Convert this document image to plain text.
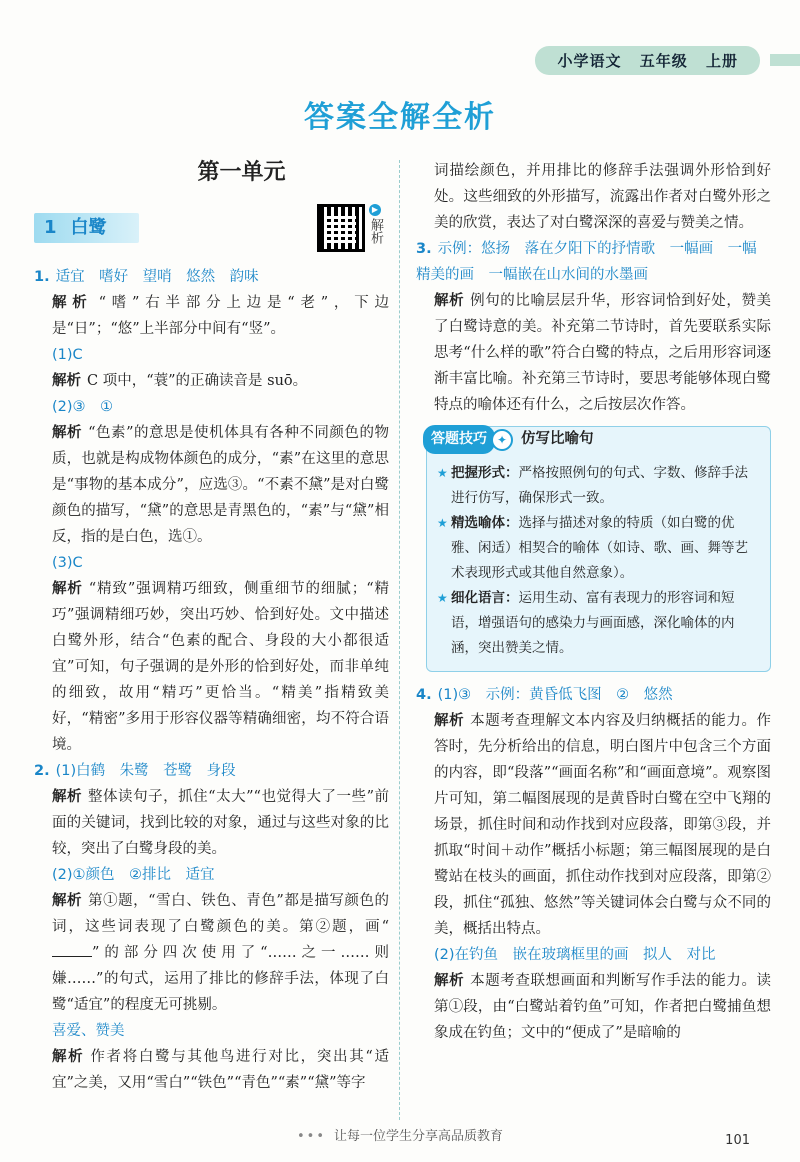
小学语文 五年级 上册
答案全解全析
第一单元
1 白鹭
▶
解析
1. 适宜　嗜好　望哨　悠然　韵味
解析 “嗜”右半部分上边是“老”，下边是“日”；“悠”上半部分中间有“竖”。
(1)C
解析 C 项中，“蓑”的正确读音是 suō。
(2)③　①
解析 “色素”的意思是使机体具有各种不同颜色的物质，也就是构成物体颜色的成分，“素”在这里的意思是“事物的基本成分”，应选③。“不素不黛”是对白鹭颜色的描写，“黛”的意思是青黑色的，“素”与“黛”相反，指的是白色，选①。
(3)C
解析 “精致”强调精巧细致，侧重细节的细腻；“精巧”强调精细巧妙，突出巧妙、恰到好处。文中描述白鹭外形，结合“色素的配合、身段的大小都很适宜”可知，句子强调的是外形的恰到好处，而非单纯的细致，故用“精巧”更恰当。“精美”指精致美好，“精密”多用于形容仪器等精确细密，均不符合语境。
2. (1)白鹤　朱鹭　苍鹭　身段
解析 整体读句子，抓住“太大”“也觉得大了一些”前面的关键词，找到比较的对象，通过与这些对象的比较，突出了白鹭身段的美。
(2)①颜色　②排比　适宜
解析 第①题，“雪白、铁色、青色”都是描写颜色的词，这些词表现了白鹭颜色的美。第②题，画“”的部分四次使用了“……之一……则嫌……”的句式，运用了排比的修辞手法，体现了白鹭“适宜”的程度无可挑剔。
喜爱、赞美
解析 作者将白鹭与其他鸟进行对比，突出其“适宜”之美，又用“雪白”“铁色”“青色”“素”“黛”等字
词描绘颜色，并用排比的修辞手法强调外形恰到好处。这些细致的外形描写，流露出作者对白鹭外形之美的欣赏，表达了对白鹭深深的喜爱与赞美之情。
3. 示例：悠扬　落在夕阳下的抒情歌　一幅画　一幅精美的画　一幅嵌在山水间的水墨画
解析 例句的比喻层层升华，形容词恰到好处，赞美了白鹭诗意的美。补充第二节诗时，首先要联系实际思考“什么样的歌”符合白鹭的特点，之后用形容词逐渐丰富比喻。补充第三节诗时，要思考能够体现白鹭特点的喻体还有什么，之后按层次作答。
答题技巧 ✦ 仿写比喻句
★ 把握形式：严格按照例句的句式、字数、修辞手法进行仿写，确保形式一致。
★ 精选喻体：选择与描述对象的特质（如白鹭的优雅、闲适）相契合的喻体（如诗、歌、画、舞等艺术表现形式或其他自然意象）。
★ 细化语言：运用生动、富有表现力的形容词和短语，增强语句的感染力与画面感，深化喻体的内涵，突出赞美之情。
4. (1)③　示例：黄昏低飞图　②　悠然
解析 本题考查理解文本内容及归纳概括的能力。作答时，先分析给出的信息，明白图片中包含三个方面的内容，即“段落”“画面名称”和“画面意境”。观察图片可知，第二幅图展现的是黄昏时白鹭在空中飞翔的场景，抓住时间和动作找到对应段落，即第③段，并抓取“时间＋动作”概括小标题；第三幅图展现的是白鹭站在枝头的画面，抓住动作找到对应段落，即第②段，抓住“孤独、悠然”等关键词体会白鹭与众不同的美，概括出特点。
(2)在钓鱼　嵌在玻璃框里的画　拟人　对比
解析 本题考查联想画面和判断写作手法的能力。读第①段，由“白鹭站着钓鱼”可知，作者把白鹭捕鱼想象成在钓鱼；文中的“便成了”是暗喻的
••• 让每一位学生分享高品质教育	101
